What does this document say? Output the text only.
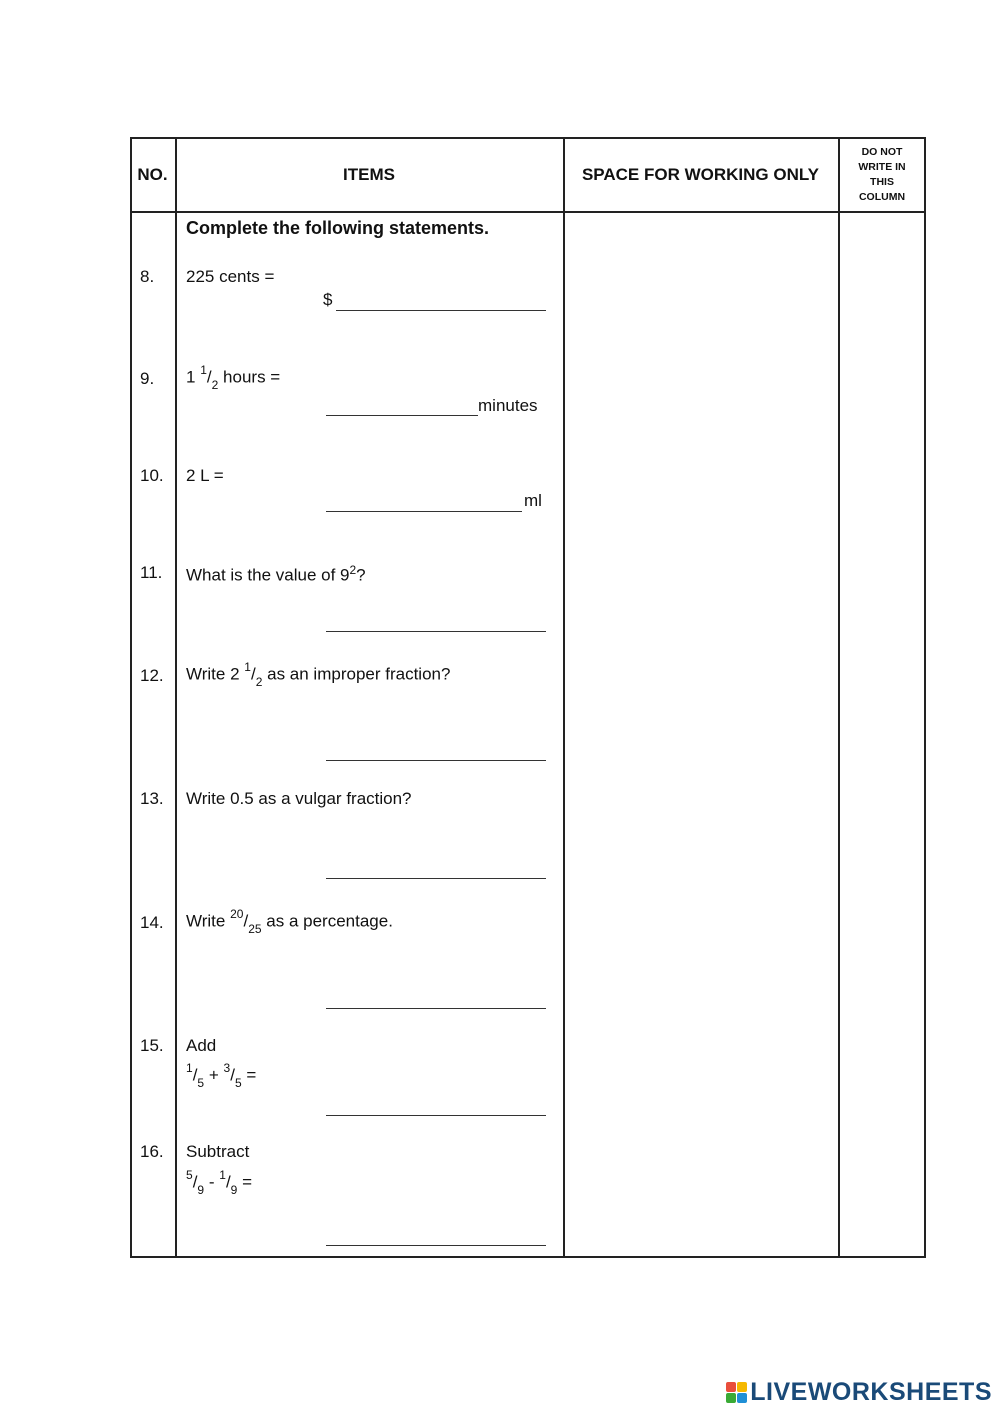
NO.	ITEMS	SPACE FOR WORKING ONLY
DO NOT
WRITE IN
THIS
COLUMN
Complete the following statements.
8. 225 cents =
$
9. 1 $^1/_2$ hours =
minutes
10. 2 L =
ml
11. What is the value of $9^2$?
12. Write 2 $^1/_2$ as an improper fraction?
13. Write 0.5 as a vulgar fraction?
14. Write $^{20}/_{25}$ as a percentage.
15. Add
$^1/_5 + ^3/_5$ =
16. Subtract
$^5/_9 - ^1/_9$ =
LIVEWORKSHEETS
